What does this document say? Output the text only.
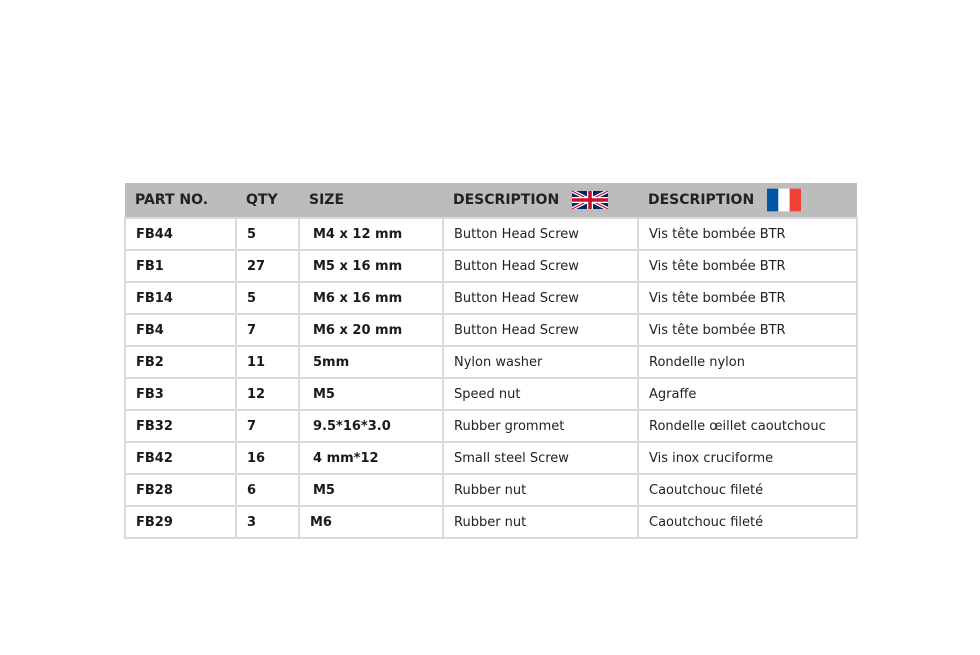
PART NO.	QTY	SIZE	DESCRIPTION	DESCRIPTION
FB44	5	M4 x 12 mm	Button Head Screw	Vis tête bombée BTR
FB1	27	M5 x 16 mm	Button Head Screw	Vis tête bombée BTR
FB14	5	M6 x 16 mm	Button Head Screw	Vis tête bombée BTR
FB4	7	M6 x 20 mm	Button Head Screw	Vis tête bombée BTR
FB2	11	5mm	Nylon washer	Rondelle nylon
FB3	12	M5	Speed nut	Agraffe
FB32	7	9.5*16*3.0	Rubber grommet	Rondelle œillet caoutchouc
FB42	16	4 mm*12	Small steel Screw	Vis inox cruciforme
FB28	6	M5	Rubber nut	Caoutchouc fileté
FB29	3	M6	Rubber nut	Caoutchouc fileté
